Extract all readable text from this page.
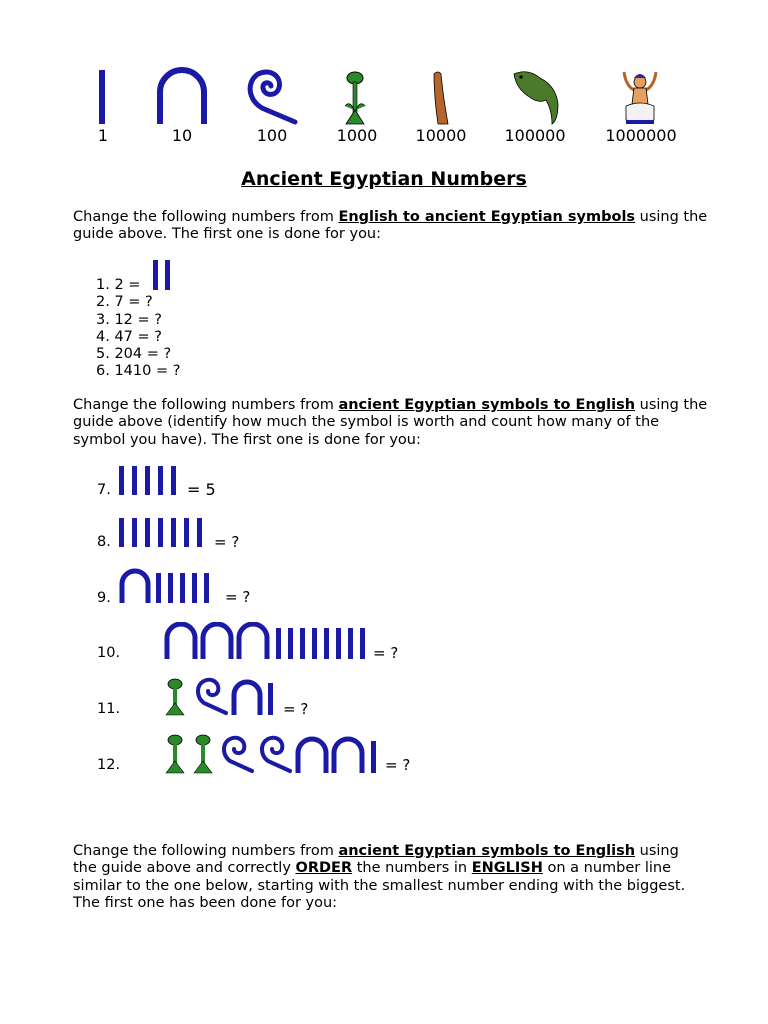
1	10	100	1000	10000	100000	1000000
Ancient Egyptian Numbers
Change the following numbers from English to ancient Egyptian symbols using the guide above. The first one is done for you:
1. 2 =
2. 7 = ?
3. 12 = ?
4. 47 = ?
5. 204 = ?
6. 1410 = ?
Change the following numbers from ancient Egyptian symbols to English using the guide above (identify how much the symbol is worth and count how many of the symbol you have). The first one is done for you:
7.	= 5
8.	= ?
9.	= ?
10.	= ?
11.	= ?
12.	= ?
Change the following numbers from ancient Egyptian symbols to English using the guide above and correctly ORDER the numbers in ENGLISH on a number line similar to the one below, starting with the smallest number ending with the biggest. The first one has been done for you:
